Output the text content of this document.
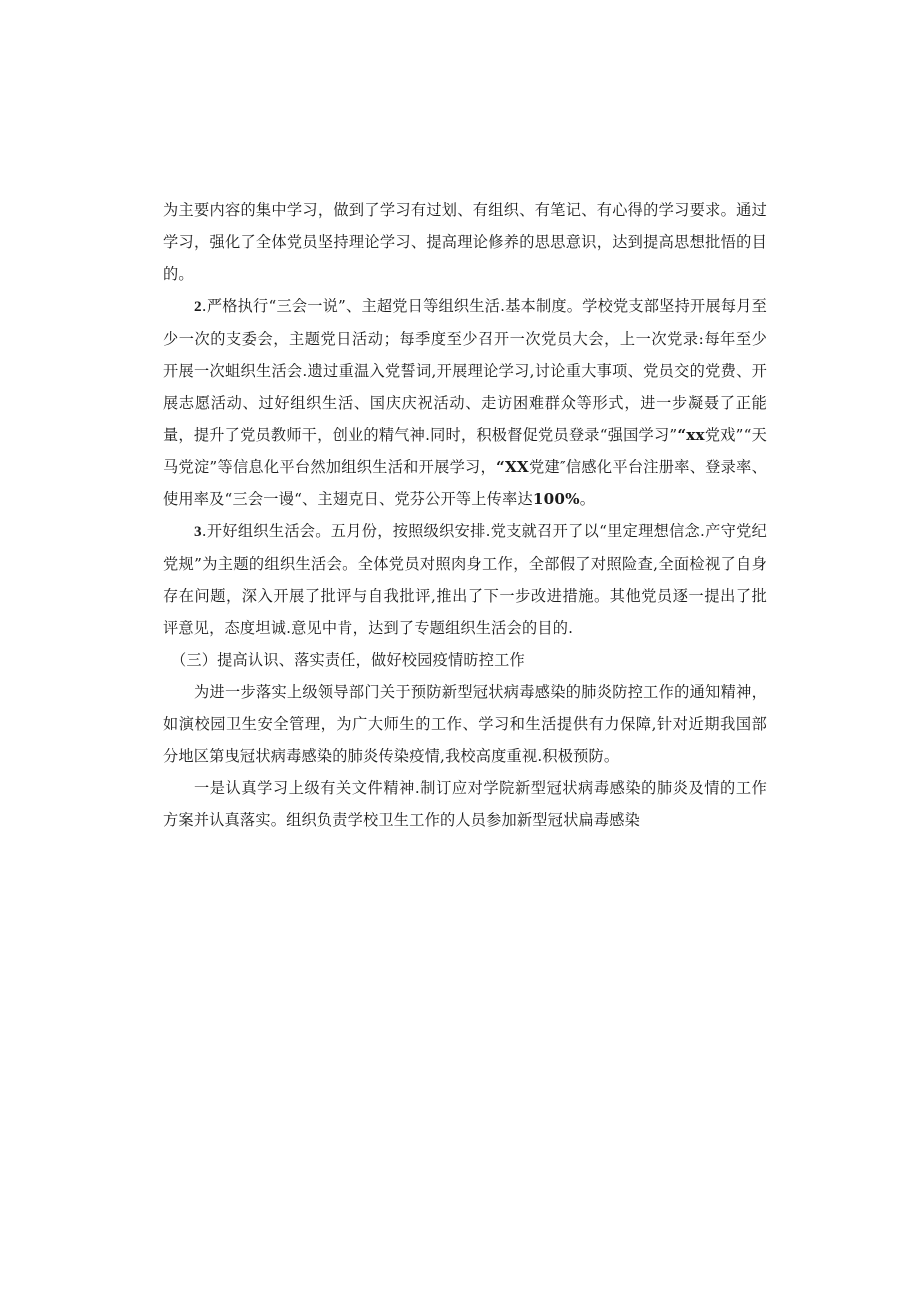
为主要内容的集中学习，做到了学习有过划、有组织、有笔记、有心得的学习要求。通过学习，强化了全体党员坚持理论学习、提高理论修养的思思意识，达到提高思想批悟的目的。

2.严格执行“三会一说”、主超党日等组织生活.基本制度。学校党支部坚持开展每月至少一次的支委会，主题党日活动；每季度至少召开一次党员大会，上一次党录:每年至少开展一次蛆织生活会.遗过重温入党誓词,开展理论学习,讨论重大事项、党员交的党费、开展志愿活动、过好组织生活、国庆庆祝活动、走访困难群众等形式，进一步凝聂了正能量，提升了党员教师干，创业的精气神.同时，积极督促党员登录“强国学习”“xx党戏”“天马党淀”等信息化平台然加组织生活和开展学习，“XX党建″信感化平台注册率、登录率、使用率及“三会一谩“、主翅克日、党芬公开等上传率达100%。

3.开好组织生活会。五月份，按照级织安排.党支就召开了以“里定理想信念.产守党纪党规”为主题的组织生活会。全体党员对照肉身工作，全部假了对照险查,全面检视了自身存在问题，深入开展了批评与自我批评,推出了下一步改进措施。其他党员逐一提出了批评意见，态度坦诚.意见中肯，达到了专题组织生活会的目的.

（三）提高认识、落实责任，做好校园疫情昉控工作

为进一步落实上级领导部门关于预防新型冠状病毒感染的肺炎防控工作的通知精神，如演校园卫生安全管理，为广大师生的工作、学习和生活提供有力保障,针对近期我国部分地区第曳冠状病毒感染的肺炎传染疫情,我校高度重视.积极预防。

一是认真学习上级有关文件精神.制订应对学院新型冠状病毒感染的肺炎及情的工作方案并认真落实。组织负责学校卫生工作的人员参加新型冠状扁毒感染
